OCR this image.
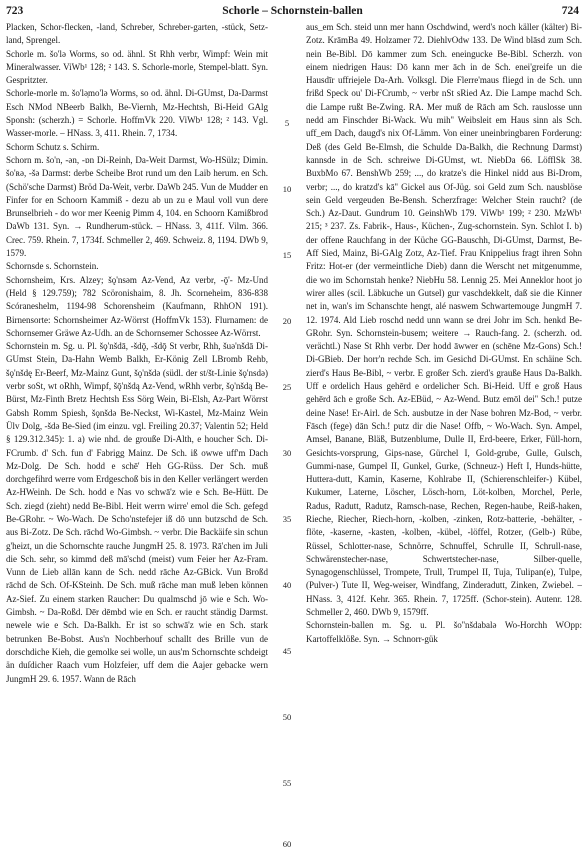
723	Schorle – Schornstein-ballen	724

Placken, Schor-flecken, -land, Schreber, Schreber-garten, -stück, Setz-land, Sprengel.

Schorle m. šo'lə Worms, so od. ähnl. St Rhh verbr, Wimpf: Wein mit Mineralwasser. ViWb¹ 128; ² 143. S. Schorle-morle, Stempel-blatt. Syn. Gespritzter.

Schorle-morle m. šo'lə̜mo'lə Worms, so od. ähnl. Di-GUmst, Da-Darmst Esch NMod NBeerb Balkh, Be-Viernh, Mz-Hechtsh, Bi-Heid GAlg Sponsh: (scherzh.) = Schorle. HoffmVk 220. ViWb¹ 128; ² 143. Vgl. Wasser-morle. – HNass. 3, 411. Rhein. 7, 1734.

Schorm Schutz s. Schirm.

Schorn m. šo'n, -ən, -ɒn Di-Reinh, Da-Weit Darmst, Wo-HSülz; Dimin. šo'ʀə, -šə Darmst: derbe Scheibe Brot rund um den Laib herum. en Sch. (Schö'sche Darmst) Bröd Da-Weit, verbr. DaWb 245. Vun de Mudder en Finfer for en Schoorn Kammiß - dezu ab un zu e Maul voll vun dere Brunselbrieh - do wor mer Keenig Pimm 4, 104. en Schoorn Kamißbrod DaWb 131. Syn. → Rundherum-stück. – HNass. 3, 411f. Vilm. 366. Crec. 759. Rhein. 7, 1734f. Schmeller 2, 469. Schweiz. 8, 1194. DWb 9, 1579.

Schornsde s. Schornstein.

Schornsheim, Krs. Alzey; šǫ'nsəm Az-Vend, Az verbr, -ǭ'- Mz-Und (Held § 129.759); 782 Scöronishaim, 8. Jh. Scorneheim, 836-838 Scóraneshelm, 1194-98 Schorensheim (Kaufmann, RhhON 191). Birnensorte: Schornsheimer Az-Wörrst (HoffmVk 153). Flurnamen: de Schornsemer Gräwe Az-Udh. an de Schornsemer Schossee Az-Wörrst.

Schornstein m. Sg. u. Pl. šǫ'nšdā, -šdǭ, -šdǭ St verbr, Rhh, šuə'nšdā Di-GUmst Stein, Da-Hahn Wemb Balkh, Er-König Zell LBromb Rehb, šǫ'nšdę Er-Beerf, Mz-Mainz Gunt, šǫ'nšdə (südl. der st/št-Linie šǫ'nsdə) verbr soSt, wt oRhh, Wimpf, šǭ'nšdą Az-Vend, wRhh verbr, šǫ'nšdą Be-Bürst, Mz-Finth Bretz Hechtsh Ess Sörg Wein, Bi-Elsh, Az-Part Wörrst Gabsh Romm Spiesh, šǫnšdə Be-Neckst, Wi-Kastel, Mz-Mainz Wein Ülv Dolg, -šdə Be-Sied (im einzu. vgl. Freiling 20.37; Valentin 52; Held § 129.312.345): 1. a) wie nhd. de grouße Di-Alth, e houcher Sch. Di-FCrumb. d' Sch. fun d' Fabrigg Mainz. De Sch. iß owwe uff'm Dach Mz-Dolg. De Sch. hodd e schē' Heh GG-Rüss. Der Sch. muß dorchgefihrd werre vom Erdgeschoß bis in den Keller verlängert werden Az-HWeinh. De Sch. hodd e Nas vo schwā'z wie e Sch. Be-Hütt. De Sch. ziegd (zieht) nedd Be-Bibl. Heit werrn wirre' emol die Sch. gefegd Be-GRohr. ~ Wo-Wach. De Scho'nstefejer iß dō unn butzschd de Sch. aus Bi-Zotz. De Sch. rāchd Wo-Gimbsh. ~ verbr. Die Backäife sin schun g'heizt, un die Schornschte rauche JungmH 25. 8. 1973. Rā'chen im Juli die Sch. sehr, so kimmd deß mā'schd (meist) vum Feier her Az-Fram. Vunn de Lieb allān kann de Sch. nedd rāche Az-GBick. Vun Broßd rāchd de Sch. Of-KSteinh. De Sch. muß rāche man muß leben können Az-Sief. Zu einem starken Raucher: Du qualmschd jō wie e Sch. Wo-Gimbsh. ~ Da-Roßd. Dēr dēmbd wie en Sch. er raucht ständig Darmst. newele wie e Sch. Da-Balkh. Er ist so schwā'z wie en Sch. stark betrunken Be-Bobst. Aus'n Nochberhouf schallt des Brille vun de dorschdiche Kieh, die gemolke sei wolle, un aus'm Schornschte schdeigt än duſdicher Raach vum Holzfeier, uff dem die Aajer gebacke wern JungmH 29. 6. 1957. Wann de Rāch

5
10
15
20
25
30
35
40
45
50
55
60

aus_em Sch. steid unn mer hann Oschdwind, werd's noch käller (kälter) Bi-Zotz. KrāmBa 49. Holzamer 72. DiehlvOdw 133. De Wind blāsd zum Sch. nein Be-Bibl. Dō kammer zum Sch. eneingucke Be-Bibl. Scherzh. von einem niedrigen Haus: Dō kann mer āch in de Sch. enei'greife un die Hausdīr uffriejele Da-Arh. Volksgl. Die Flerre'maus fliegd in de Sch. unn frißd Speck ou' Di-FCrumb, ~ verbr nSt sRied Az. Die Lampe machd Sch. die Lampe rußt Be-Zwing. RA. Mer muß de Rāch am Sch. rauslosse unn nedd am Finschder Bi-Wack. Wu mih'' Weibsleit em Haus sinn als Sch. uff_em Dach, daugd's nix Of-Lämm. Von einer uneinbringbaren Forderung: Deß (des Geld Be-Elmsh, die Schulde Da-Balkh, die Rechnung Darmst) kannsde in de Sch. schreiwe Di-GUmst, wt. NiebDa 66. LöfflSk 38. BuxbMo 67. BenshWb 259; ..., do kratze's die Hinkel nidd aus Bi-Drom, verbr; ..., do kratzd's kā'' Gickel aus Of-Jüg. soi Geld zum Sch. nausblöse sein Geld vergeuden Be-Bensh. Scherzfrage: Welcher Stein raucht? (de Sch.) Az-Daut. Gundrum 10. GeinshWb 179. ViWb¹ 199; ² 230. MzWb¹ 215; ³ 237. Zs. Fabrik-, Haus-, Küchen-, Zug-schornstein. Syn. Schlot I. b) der offene Rauchfang in der Küche GG-Bauschh, Di-GUmst, Darmst, Be-Aff Sied, Mainz, Bi-GAlg Zotz, Az-Tief. Frau Knippelius fragt ihren Sohn Fritz: Hot-er (der vermeintliche Dieb) dann die Werscht net mitgenumme, die wo im Schornstah henke? NiebHu 58. Lennig 25. Mei Anneklor hoot jo wirer alles (scil. Läbkuche un Gutsel) gur vaschdekkelt, daß sie die Kinner net in, wan's im Schanschte hengt, alé naswem Schwartemouge JungmH 7. 12. 1974. Ald Lieb roschd nedd unn wann se drei Johr im Sch. henkd Be-GRohr. Syn. Schornstein-busem; weitere → Rauch-fang. 2. (scherzh. od. verächtl.) Nase St Rhh verbr. Der hodd āwwer en (schēne Mz-Gons) Sch.! Di-GBieb. Der horr'n rechde Sch. im Gesichd Di-GUmst. En schäine Sch. zierd's Haus Be-Bibl, ~ verbr. E großer Sch. zierd's grauße Haus Da-Balkh. Uff e ordelich Haus gehērd e ordelicher Sch. Bi-Heid. Uff e groß Haus gehērd āch e große Sch. Az-EBüd, ~ Az-Wend. Butz emōl dei'' Sch.! putze deine Nase! Er-Airl. de Sch. ausbutze in der Nase bohren Mz-Bod, ~ verbr. Fāsch (fege) dān Sch.! putz dir die Nase! Offb, ~ Wo-Wach. Syn. Ampel, Amsel, Banane, Bläß, Butzenblume, Dulle II, Erd-beere, Erker, Füll-horn, Gesichts-vorsprung, Gips-nase, Gürchel I, Gold-grube, Gulle, Gulsch, Gummi-nase, Gumpel II, Gunkel, Gurke, (Schneuz-) Heft I, Hunds-hütte, Huttera-dutt, Kamin, Kaserne, Kohlrabe II, (Schierenschleifer-) Kübel, Kukumer, Laterne, Löscher, Lösch-horn, Löt-kolben, Morchel, Perle, Radus, Radutt, Radutz, Ramsch-nase, Rechen, Regen-haube, Reiß-haken, Rieche, Riecher, Riech-horn, -kolben, -zinken, Rotz-batterie, -behälter, -flöte, -kaserne, -kasten, -kolben, -kübel, -löffel, Rotzer, (Gelb-) Rübe, Rüssel, Schlotter-nase, Schnörre, Schnuffel, Schrulle II, Schrull-nase, Schwärenstecher-nase, Schwertstecher-nase, Silber-quelle, Synagogenschlüssel, Trompete, Trull, Trumpel II, Tuja, Tulipan(e), Tulpe, (Pulver-) Tute II, Weg-weiser, Windfang, Zinderadutt, Zinken, Zwiebel. – HNass. 3, 412f. Kehr. 365. Rhein. 7, 1725ff. (Schor-stein). Autenr. 128. Schmeller 2, 460. DWb 9, 1579ff.

Schornstein-ballen m. Sg. u. Pl. šo''nšdabalə Wo-Horchh WOpp: Kartoffelklöße. Syn. → Schnorr-gük
